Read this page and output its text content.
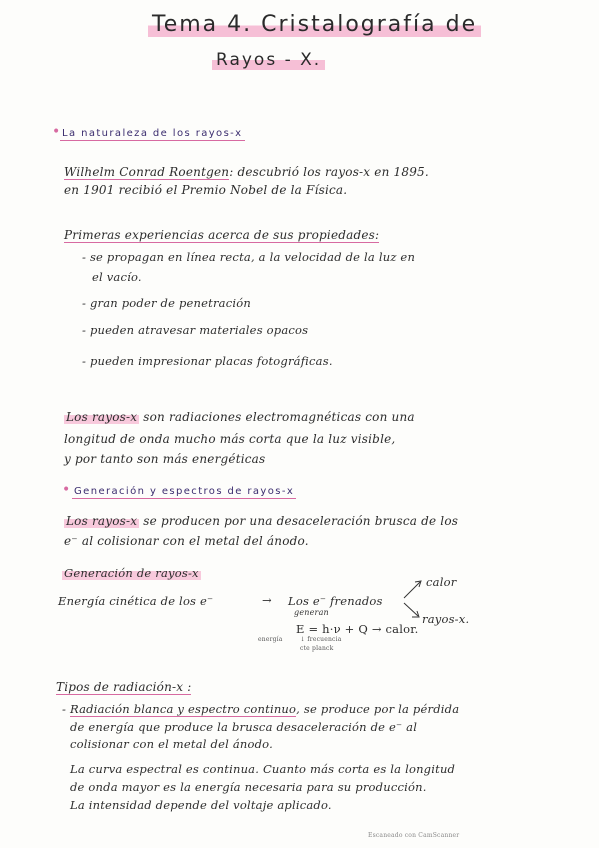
Tema 4. Cristalografía de
Rayos - X.
• La naturaleza de los rayos-x
Wilhelm Conrad Roentgen: descubrió los rayos-x en 1895.
en 1901 recibió el Premio Nobel de la Física.
Primeras experiencias acerca de sus propiedades:
- se propagan en línea recta, a la velocidad de la luz en
el vacío.
- gran poder de penetración
- pueden atravesar materiales opacos
- pueden impresionar placas fotográficas.
Los rayos-x son radiaciones electromagnéticas con una
longitud de onda mucho más corta que la luz visible,
y por tanto son más energéticas
• Generación y espectros de rayos-x
Los rayos-x se producen por una desaceleración brusca de los
e⁻ al colisionar con el metal del ánodo.
Generación de rayos-x
Energía cinética de los e⁻	→ Los e⁻ frenados
generan
calor
rayos-x.
E = h·ν + Q → calor.
energía	↓ frecuencia
cte planck
Tipos de radiación-x :
- Radiación blanca y espectro continuo, se produce por la pérdida
de energía que produce la brusca desaceleración de e⁻ al
colisionar con el metal del ánodo.
La curva espectral es continua. Cuanto más corta es la longitud
de onda mayor es la energía necesaria para su producción.
La intensidad depende del voltaje aplicado.
Escaneado con CamScanner
